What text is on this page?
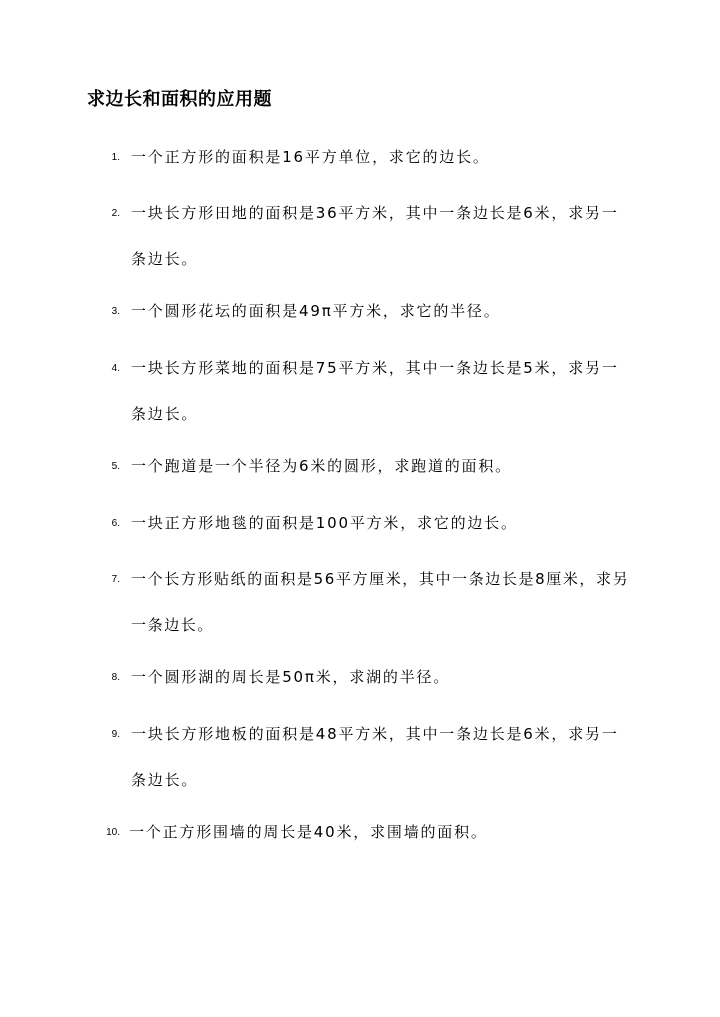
求边长和面积的应用题
1. 一个正方形的面积是16平方单位，求它的边长。
2. 一块长方形田地的面积是36平方米，其中一条边长是6米，求另一条边长。
3. 一个圆形花坛的面积是49π平方米，求它的半径。
4. 一块长方形菜地的面积是75平方米，其中一条边长是5米，求另一条边长。
5. 一个跑道是一个半径为6米的圆形，求跑道的面积。
6. 一块正方形地毯的面积是100平方米，求它的边长。
7. 一个长方形贴纸的面积是56平方厘米，其中一条边长是8厘米，求另一条边长。
8. 一个圆形湖的周长是50π米，求湖的半径。
9. 一块长方形地板的面积是48平方米，其中一条边长是6米，求另一条边长。
10. 一个正方形围墙的周长是40米，求围墙的面积。
